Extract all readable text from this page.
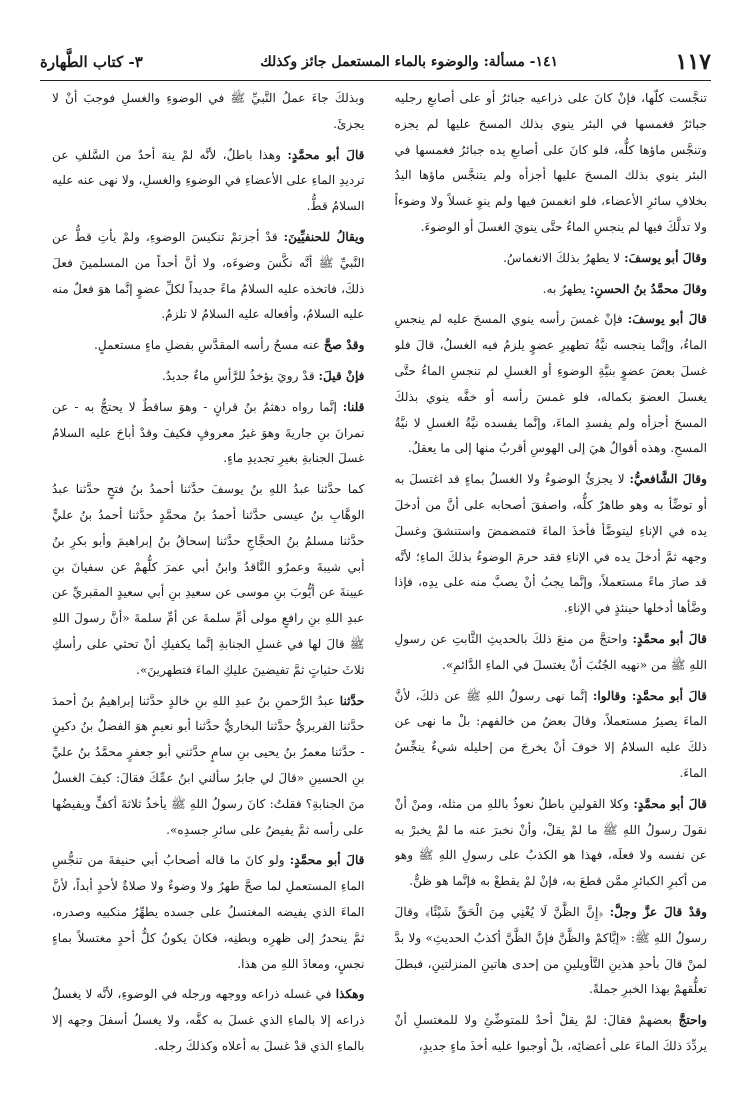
١١٧
١٤١- مسألة: والوضوء بالماء المستعمل جائز وكذلك
٣- كتاب الطَّهارة

تنجَّست كلّها، فإنْ كانَ على ذراعيه جبائرُ أو على أصابعِ رجليه جبائرُ فغمسها في البئر ينوي بذلك المسحَ عليها لم يجزه وتنجَّس ماؤها كلُّه، فلو كانَ على أصابعِ يده جبائرُ فغمسها في البئر ينوي بذلك المسحَ عليها أجزأه ولم يتنجَّس ماؤها اليدُ بخلافِ سائرِ الأعضاء، فلو انغمسَ فيها ولم ينوِ غسلاً ولا وضوءاً ولا تدلَّكَ فيها لم ينجسِ الماءُ حتَّى ينويَ الغسلَ أو الوضوءَ.

وقالَ أبو يوسفَ: لا يطهرُ بذلكَ الانغماسُ.

وقالَ محمَّدُ بنُ الحسنِ: يطهرُ به.

قالَ أبو يوسفَ: فإنْ غمسَ رأسه ينوي المسحَ عليه لم ينجسِ الماءُ، وإنَّما ينجسه نيَّةُ تطهيرِ عضوٍ يلزمُ فيه الغسلُ، قالَ فلو غسلَ بعضَ عضوٍ بنيَّةِ الوضوءِ أو الغسلِ لم تنجسِ الماءُ حتَّى يغسلَ العضوَ بكماله، فلو غمسَ رأسه أو خفَّه ينوي بذلكَ المسحَ أجزأه ولم يفسدِ الماءَ، وإنَّما يفسده نيَّةُ الغسلِ لا نيَّةُ المسحِ. وهذه أقوالٌ هيَ إلى الهوسِ أقربُ منها إلى ما يعقلُ.

وقالَ الشَّافعيُّ: لا يجزئُ الوضوءُ ولا الغسلُ بماءٍ قد اغتسلَ به أو توضِّأ به وهو طاهرٌ كلُّه، واصفقَ أصحابه على أنَّ من أدخلَ يده في الإناءِ ليتوضَّأ فأخذَ الماءَ فتمضمضَ واستنشقَ وغسلَ وجهه ثمَّ أدخلَ يده في الإناءِ فقد حرمَ الوضوءُ بذلكَ الماءِ؛ لأنَّه قد صارَ ماءً مستعملاً، وإنَّما يجبُ أنْ يصبَّ منه على يدِه، فإذا وضَّأها أدخلها حينئذٍ في الإناءِ.

قالَ أبو محمَّدٍ: واحتجَّ من منعَ ذلكَ بالحديثِ الثَّابتِ عن رسولِ اللهِ ﷺ من «نهيه الجُنُبَ أنْ يغتسلَ في الماءِ الدَّائمِ».

قالَ أبو محمَّدٍ: وقالوا: إنَّما نهى رسولُ اللهِ ﷺ عن ذلكَ، لأنَّ الماءَ يصيرُ مستعملاً، وقالَ بعضُ من خالفهم: بلْ ما نهى عن ذلكَ عليه السلامُ إلا خوفَ أنْ يخرجَ من إحليله شيءٌ ينجِّسُ الماءَ.

قالَ أبو محمَّدٍ: وكلا القولينِ باطلٌ نعوذُ باللهِ من مثله، ومنْ أنْ نقولَ رسولُ اللهِ ﷺ ما لمْ يقلْ، وأنْ نخبرَ عنه ما لمْ يخبرْ به عن نفسه ولا فعلَه، فهذا هو الكذبُ على رسولِ اللهِ ﷺ وهو من أكبرِ الكبائرِ ممَّن قطعَ به، فإنْ لمْ يقطعْ به فإنَّما هو ظنٌّ.

وقدْ قالَ عزَّ وجلَّ: ﴿إِنَّ الظَّنَّ لَا يُغْنِي مِنَ الْحَقِّ شَيْئًا﴾ وقالَ رسولُ اللهِ ﷺ: «إيَّاكمْ والظَّنَّ فإنَّ الظَّنَّ أكذبُ الحديثِ» ولا بدَّ لمنْ قالَ بأحدِ هذينِ التَّأويلينِ من إحدى هاتينِ المنزلتينِ، فبطلَ تعلُّقهمْ بهذا الخبرِ جملةً.

واحتجَّ بعضهمْ فقالَ: لمْ يقلْ أحدٌ للمتوضِّئِ ولا للمغتسلِ أنْ يردِّدَ ذلكَ الماءَ على أعضائِه، بلْ أوجبوا عليه أخذَ ماءٍ جديدٍ،

وبذلكَ جاءَ عملُ النَّبيِّ ﷺ في الوضوءِ والغسلِ فوجبَ أنْ لا يجزئَ.

قالَ أبو محمَّدٍ: وهذا باطلٌ، لأنَّه لمْ ينهَ أحدٌ من السَّلفِ عن ترديدِ الماءِ على الأعضاءِ في الوضوءِ والغسلِ، ولا نهى عنه عليه السلامُ قطُّ.

ويقالُ للحنفيِّينَ: قدْ أجزتمْ تنكيسَ الوضوءِ، ولمْ يأتِ قطُّ عن النَّبيِّ ﷺ أنَّه نكَّسَ وضوءَه، ولا أنَّ أحداً من المسلمينَ فعلَ ذلكَ، فاتخذه عليه السلامُ ماءً جديداً لكلِّ عضوٍ إنَّما هوَ فعلٌ منه عليه السلامُ، وأفعاله عليه السلامُ لا تلزمُ.

وقدْ صحَّ عنه مسحُ رأسه المقدَّسِ بفضلِ ماءٍ مستعملٍ.

فإنْ قيلَ: قدْ رويَ يؤخذُ للرَّأسِ ماءٌ جديدٌ.

قلنا: إنَّما رواه دهثمُ بنُ قرانٍ - وهوَ ساقطٌ لا يحتجُّ به - عن نمرانَ بنِ جاريةَ وهوَ غيرُ معروفٍ فكيفَ وقدْ أباحَ عليه السلامُ غسلَ الجنابةِ بغيرِ تجديدِ ماءٍ.

كما حدَّثنا عبدُ اللهِ بنُ يوسفَ حدَّثنا أحمدُ بنُ فتحٍ حدَّثنا عبدُ الوهَّابِ بنُ عيسى حدَّثنا أحمدُ بنُ محمَّدٍ حدَّثنا أحمدُ بنُ عليٍّ حدَّثنا مسلمُ بنُ الحجَّاجِ حدَّثنا إسحاقُ بنُ إبراهيمَ وأبو بكرِ بنُ أبي شيبةَ وعمرٌو النَّاقدُ وابنُ أبي عمرَ كلُّهمْ عن سفيانَ بنِ عيينةَ عن أيُّوبَ بنِ موسى عن سعيدِ بنِ أبي سعيدٍ المقبريِّ عن عبدِ اللهِ بنِ رافعٍ مولى أمِّ سلمةَ عن أمِّ سلمةَ «أنَّ رسولَ اللهِ ﷺ قالَ لها في غسلِ الجنابةِ إنَّما يكفيكِ أنْ تحثي على رأسكِ ثلاثَ حثياتٍ ثمَّ تفيضينَ عليكِ الماءَ فتطهرينَ».

حدَّثنا عبدُ الرَّحمنِ بنُ عبدِ اللهِ بنِ خالدٍ حدَّثنا إبراهيمُ بنُ أحمدَ حدَّثنا الفربريُّ حدَّثنا البخاريُّ حدَّثنا أبو نعيمٍ هوَ الفضلُ بنُ دكينٍ - حدَّثنا معمرُ بنُ يحيى بنِ سامٍ حدَّثني أبو جعفرٍ محمَّدُ بنُ عليِّ بنِ الحسينِ «قالَ لي جابرٌ سألني ابنُ عمِّكَ فقالَ: كيفَ الغسلُ منَ الجنابةِ؟ فقلتُ: كانَ رسولُ اللهِ ﷺ يأخذُ ثلاثةَ أكفٍّ ويفيضُها على رأسه ثمَّ يفيضُ على سائرِ جسدِه».

قالَ أبو محمَّدٍ: ولو كانَ ما قاله أصحابُ أبي حنيفةَ من تنجُّسِ الماءِ المستعملِ لما صحَّ طهرٌ ولا وضوءٌ ولا صلاةٌ لأحدٍ أبداً، لأنَّ الماءَ الذي يفيضه المغتسلُ على جسده يطهِّرُ منكبيه وصدره، ثمَّ ينحدرُ إلى ظهرِه وبطنِه، فكانَ يكونُ كلُّ أحدٍ مغتسلاً بماءٍ نجسٍ، ومعاذَ اللهِ من هذا.

وهكذا في غسله ذراعه ووجهه ورجله في الوضوءِ، لأنَّه لا يغسلُ ذراعه إلا بالماءِ الذي غسلَ به كفَّه، ولا يغسلُ أسفلَ وجهه إلا بالماءِ الذي قدْ غسلَ به أعلاه وكذلكَ رجله.
